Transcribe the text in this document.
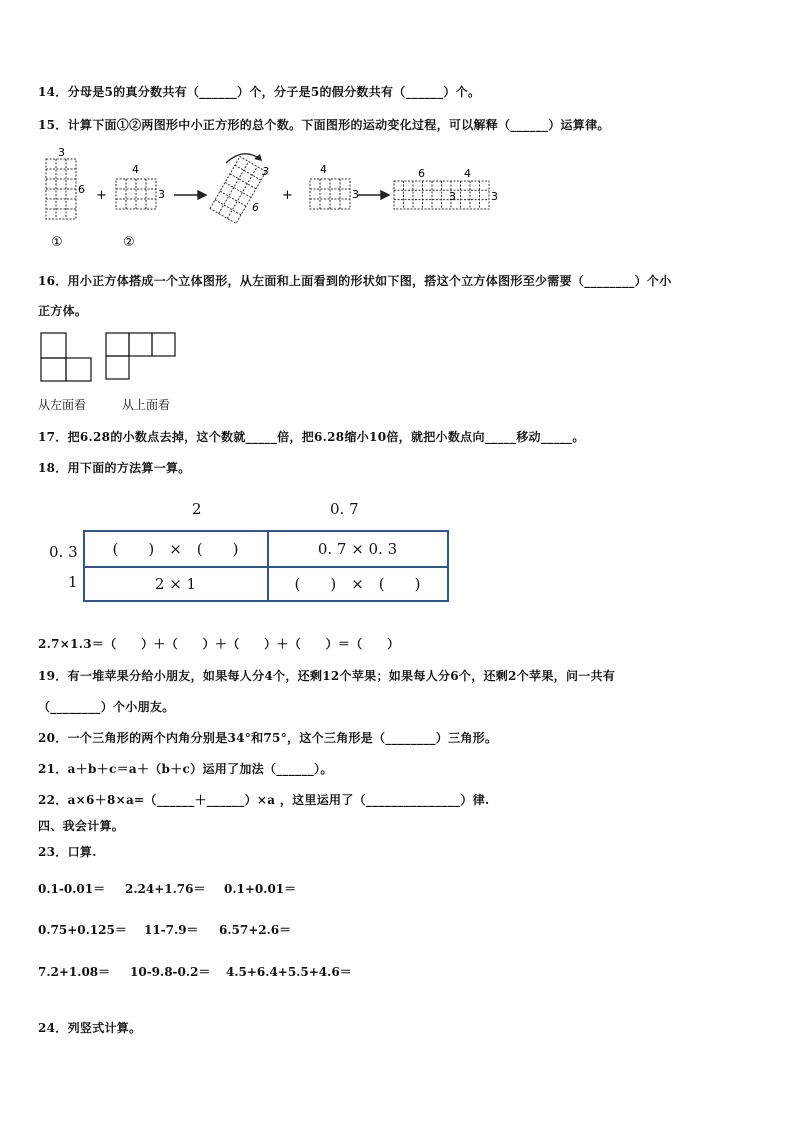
14．分母是5的真分数共有（______）个，分子是5的假分数共有（______）个。
15．计算下面①②两图形中小正方形的总个数。下面图形的运动变化过程，可以解释（______）运算律。
3
6
①
+
4
3
②
3
6
+
4
3
6	4
3	3
16．用小正方体搭成一个立体图形，从左面和上面看到的形状如下图，搭这个立方体图形至少需要（________）个小
正方体。
从左面看	从上面看
17．把6.28的小数点去掉，这个数就_____倍，把6.28缩小10倍，就把小数点向_____移动_____。
18．用下面的方法算一算。
2	0. 7
0. 3
1
(　　)　×　(　　)	0. 7 × 0. 3
2 × 1	(　　)　×　(　　)
2.7×1.3＝（　　）＋（　　）＋（　　）＋（　　）＝（　　）
19．有一堆苹果分给小朋友，如果每人分4个，还剩12个苹果；如果每人分6个，还剩2个苹果，问一共有
（________）个小朋友。
20．一个三角形的两个内角分别是34°和75°，这个三角形是（________）三角形。
21．a＋b＋c＝a＋（b＋c）运用了加法（______）。
22．a×6＋8×a=（______＋______）×a ，这里运用了（_______________）律.
四、我会计算。
23．口算.
0.1-0.01＝ 2.24+1.76＝ 0.1+0.01＝
0.75+0.125＝ 11-7.9＝ 6.57+2.6＝
7.2+1.08＝ 10-9.8-0.2＝ 4.5+6.4+5.5+4.6＝
24．列竖式计算。
